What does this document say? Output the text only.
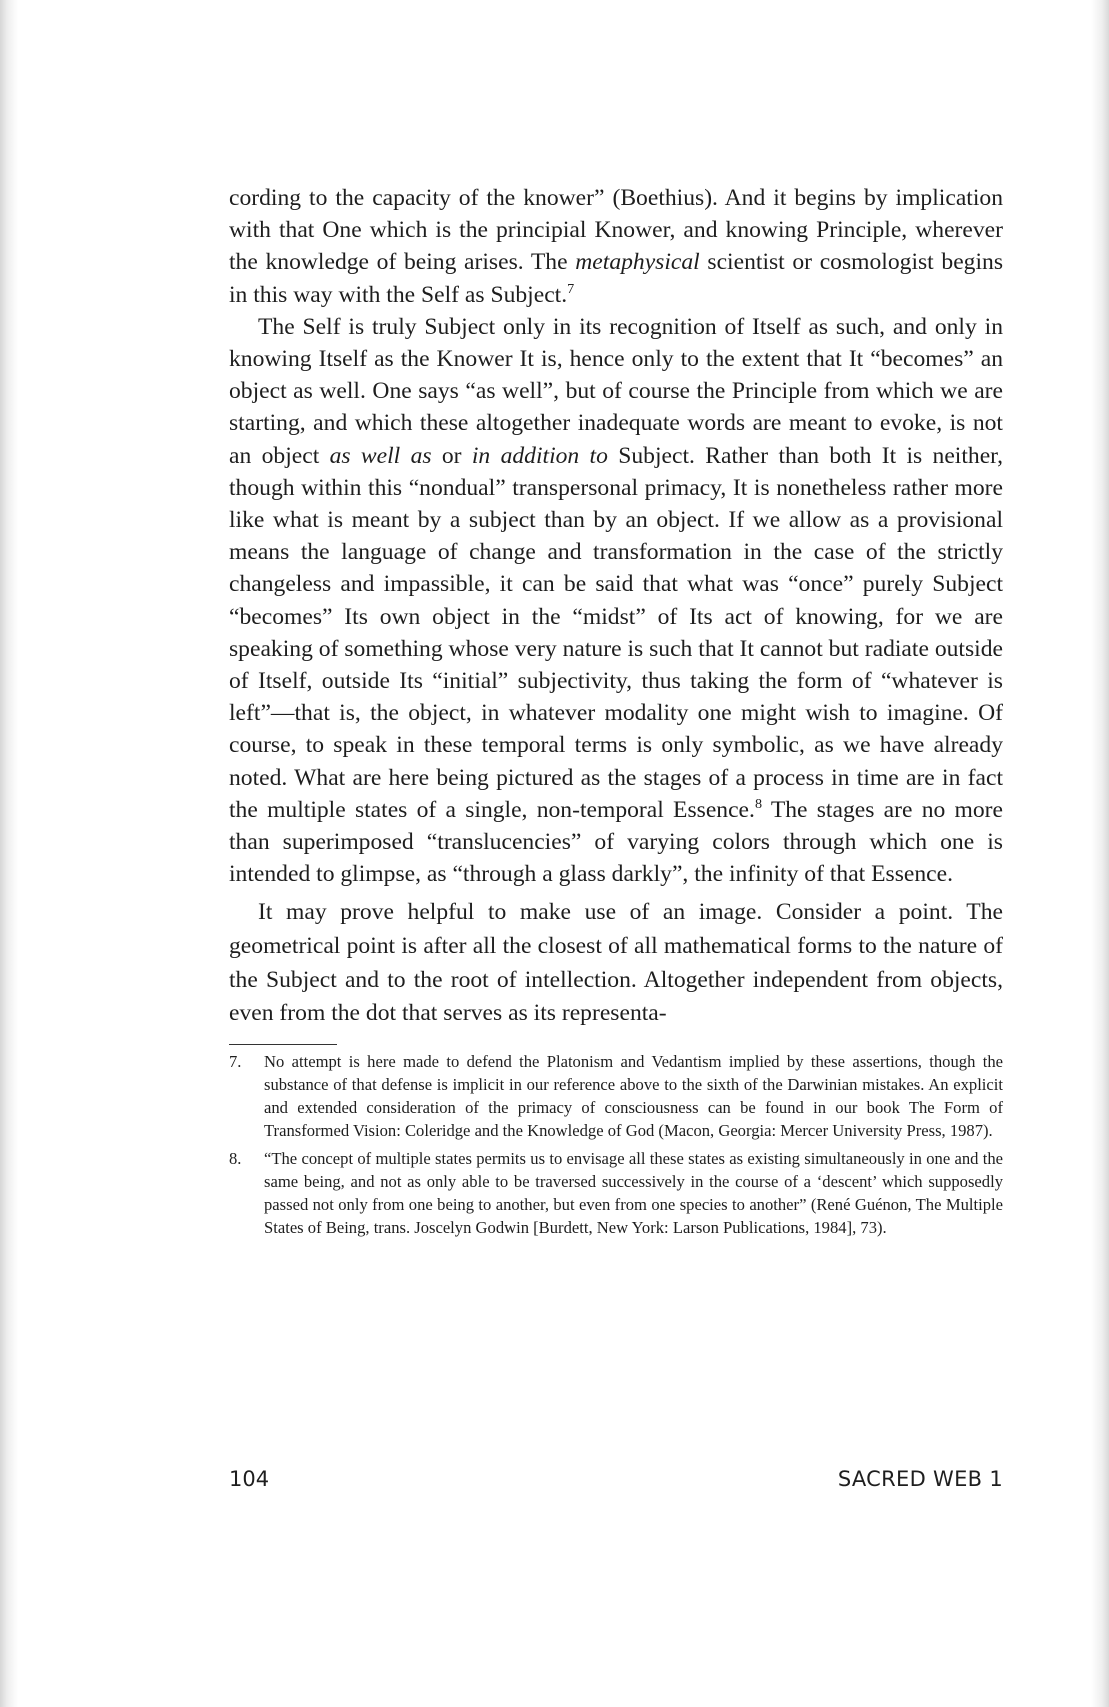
cording to the capacity of the knower” (Boethius). And it begins by implication with that One which is the principial Knower, and knowing Principle, wherever the knowledge of being arises. The metaphysical scientist or cosmologist begins in this way with the Self as Subject.$^7$

The Self is truly Subject only in its recognition of Itself as such, and only in knowing Itself as the Knower It is, hence only to the extent that It “becomes” an object as well. One says “as well”, but of course the Principle from which we are starting, and which these altogether inadequate words are meant to evoke, is not an object as well as or in addition to Subject. Rather than both It is neither, though within this “nondual” transpersonal primacy, It is nonetheless rather more like what is meant by a subject than by an object. If we allow as a provisional means the language of change and transformation in the case of the strictly changeless and impassible, it can be said that what was “once” purely Subject “becomes” Its own object in the “midst” of Its act of knowing, for we are speaking of something whose very nature is such that It cannot but radiate outside of Itself, outside Its “initial” subjectivity, thus taking the form of “whatever is left”—that is, the object, in whatever modality one might wish to imagine. Of course, to speak in these temporal terms is only symbolic, as we have already noted. What are here being pictured as the stages of a process in time are in fact the multiple states of a single, non-temporal Essence.$^8$ The stages are no more than superimposed “translucencies” of varying colors through which one is intended to glimpse, as “through a glass darkly”, the infinity of that Essence.

It may prove helpful to make use of an image. Consider a point. The geometrical point is after all the closest of all mathematical forms to the nature of the Subject and to the root of intellection. Altogether independent from objects, even from the dot that serves as its representa-

7.	No attempt is here made to defend the Platonism and Vedantism implied by these assertions, though the substance of that defense is implicit in our reference above to the sixth of the Darwinian mistakes. An explicit and extended consideration of the primacy of consciousness can be found in our book The Form of Transformed Vision: Coleridge and the Knowledge of God (Macon, Georgia: Mercer University Press, 1987).
8.	“The concept of multiple states permits us to envisage all these states as existing simultaneously in one and the same being, and not as only able to be traversed successively in the course of a ‘descent’ which supposedly passed not only from one being to another, but even from one species to another” (René Guénon, The Multiple States of Being, trans. Joscelyn Godwin [Burdett, New York: Larson Publications, 1984], 73).
104	SACRED WEB 1
